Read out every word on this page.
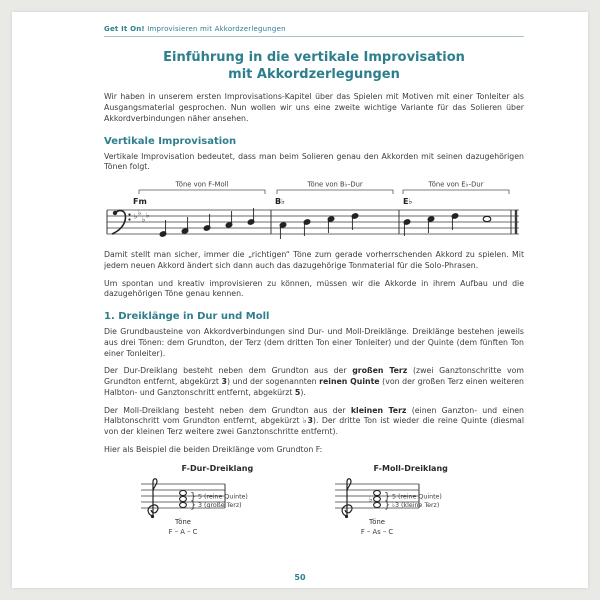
Get It On! Improvisieren mit Akkordzerlegungen
Einführung in die vertikale Improvisation
mit Akkordzerlegungen

Wir haben in unserem ersten Improvisations-Kapitel über das Spielen mit Motiven mit einer Tonleiter als Ausgangsmaterial gesprochen. Nun wollen wir uns eine zweite wichtige Variante für das Solieren über Akkordverbindungen näher ansehen.

Vertikale Improvisation

Vertikale Improvisation bedeutet, dass man beim Solieren genau den Akkorden mit seinen dazugehörigen Tönen folgt.

Töne von F-Moll	Töne von B♭-Dur	Töne von E♭-Dur
Fm	B♭	E♭
♭ ♭
♭ ♭

Damit stellt man sicher, immer die „richtigen“ Töne zum gerade vorherrschenden Akkord zu spielen. Mit jedem neuen Akkord ändert sich dann auch das dazugehörige Tonmaterial für die Solo-Phrasen.

Um spontan und kreativ improvisieren zu können, müssen wir die Akkorde in ihrem Aufbau und die dazugehörigen Töne genau kennen.

1. Dreiklänge in Dur und Moll

Die Grundbausteine von Akkordverbindungen sind Dur- und Moll-Dreiklänge. Dreiklänge bestehen jeweils aus drei Tönen: dem Grundton, der Terz (dem dritten Ton einer Tonleiter) und der Quinte (dem fünften Ton einer Tonleiter).

Der Dur-Dreiklang besteht neben dem Grundton aus der großen Terz (zwei Ganztonschritte vom Grundton entfernt, abgekürzt 3) und der sogenannten reinen Quinte (von der großen Terz einen weiteren Halbton- und Ganztonschritt entfernt, abgekürzt 5).

Der Moll-Dreiklang besteht neben dem Grundton aus der kleinen Terz (einen Ganzton- und einen Halbtonschritt vom Grundton entfernt, abgekürzt ♭3). Der dritte Ton ist wieder die reine Quinte (diesmal von der kleinen Terz weitere zwei Ganztonschritte entfernt).

Hier als Beispiel die beiden Dreiklänge vom Grundton F:

F-Dur-Dreiklang
}
}
5 (reine Quinte)
3 (große Terz)
Töne
F – A – C
F-Moll-Dreiklang
♭ }
}
5 (reine Quinte)
♭3 (kleine Terz)
Töne
F – As – C
50
